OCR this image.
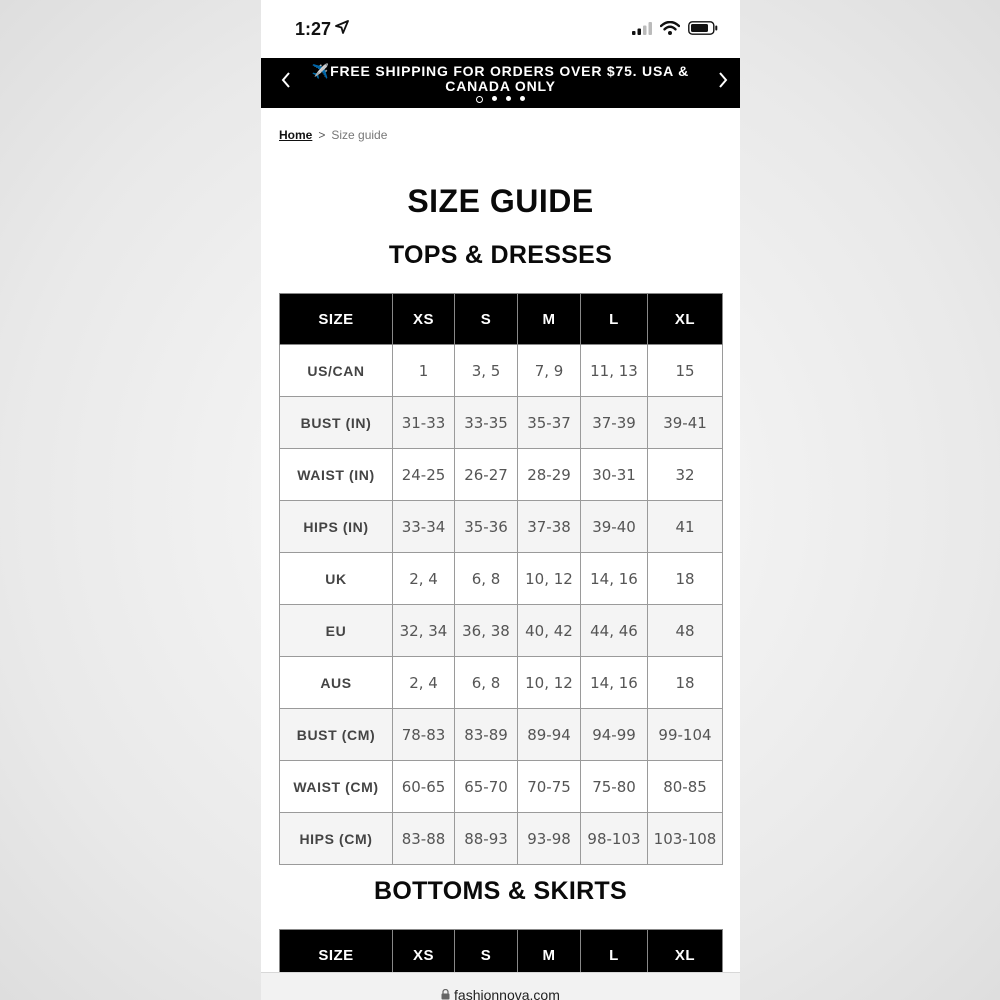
1:27
✈️FREE SHIPPING FOR ORDERS OVER $75. USA & CANADA ONLY
Home > Size guide
SIZE GUIDE
TOPS & DRESSES
SIZE	XS	S	M	L	XL
US/CAN	1	3, 5	7, 9	11, 13	15
BUST (IN)	31-33	33-35	35-37	37-39	39-41
WAIST (IN)	24-25	26-27	28-29	30-31	32
HIPS (IN)	33-34	35-36	37-38	39-40	41
UK	2, 4	6, 8	10, 12	14, 16	18
EU	32, 34	36, 38	40, 42	44, 46	48
AUS	2, 4	6, 8	10, 12	14, 16	18
BUST (CM)	78-83	83-89	89-94	94-99	99-104
WAIST (CM)	60-65	65-70	70-75	75-80	80-85
HIPS (CM)	83-88	88-93	93-98	98-103	103-108
BOTTOMS & SKIRTS
SIZE	XS	S	M	L	XL
fashionnova.com
